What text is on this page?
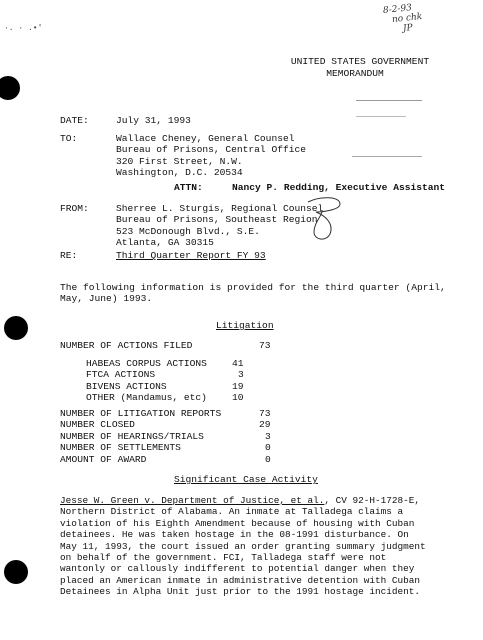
·. · .•'
8-2-93
no chk
JP
UNITED STATES GOVERNMENT
MEMORANDUM
DATE:	July 31, 1993
TO:	Wallace Cheney, General Counsel
Bureau of Prisons, Central Office
320 First Street, N.W.
Washington, D.C. 20534
ATTN:	Nancy P. Redding, Executive Assistant
FROM:	Sherree L. Sturgis, Regional Counsel
Bureau of Prisons, Southeast Region
523 McDonough Blvd., S.E.
Atlanta, GA 30315
RE:	Third Quarter Report FY 93
The following information is provided for the third quarter (April,
May, June) 1993.
Litigation
NUMBER OF ACTIONS FILED	73
HABEAS CORPUS ACTIONS	41
FTCA ACTIONS	3
BIVENS ACTIONS	19
OTHER (Mandamus, etc)	10
NUMBER OF LITIGATION REPORTS	73
NUMBER CLOSED	29
NUMBER OF HEARINGS/TRIALS	3
NUMBER OF SETTLEMENTS	0
AMOUNT OF AWARD	0
Significant Case Activity
Jesse W. Green v. Department of Justice, et al., CV 92-H-1728-E,
Northern District of Alabama. An inmate at Talladega claims a
violation of his Eighth Amendment because of housing with Cuban
detainees. He was taken hostage in the 08-1991 disturbance. On
May 11, 1993, the court issued an order granting summary judgment
on behalf of the government. FCI, Talladega staff were not
wantonly or callously indifferent to potential danger when they
placed an American inmate in administrative detention with Cuban
Detainees in Alpha Unit just prior to the 1991 hostage incident.
